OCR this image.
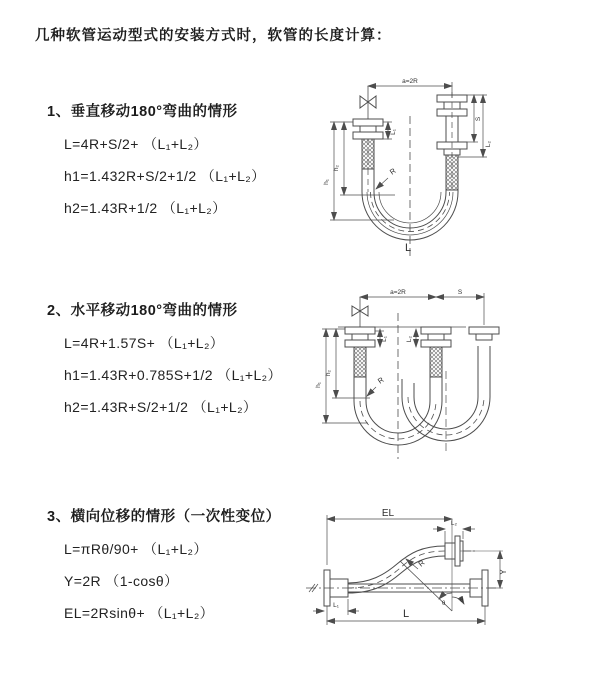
几种软管运动型式的安装方式时，软管的长度计算：
1、垂直移动180°弯曲的情形
L=4R+S/2+ （L₁+L₂）
h1=1.432R+S/2+1/2 （L₁+L₂）
h2=1.43R+1/2 （L₁+L₂）
2、水平移动180°弯曲的情形
L=4R+1.57S+ （L₁+L₂）
h1=1.43R+0.785S+1/2 （L₁+L₂）
h2=1.43R+S/2+1/2 （L₁+L₂）
3、横向位移的情形（一次性变位）
L=πRθ/90+ （L₁+L₂）
Y=2R （1-cosθ）
EL=2Rsinθ+ （L₁+L₂）
a=2R
h₁
h₂
L₁
S
L₂
R
L
a=2R	S
h₁
h₂
L₁	L₂
R
EL
L₂
Y
L
L₁
R
θ θ
